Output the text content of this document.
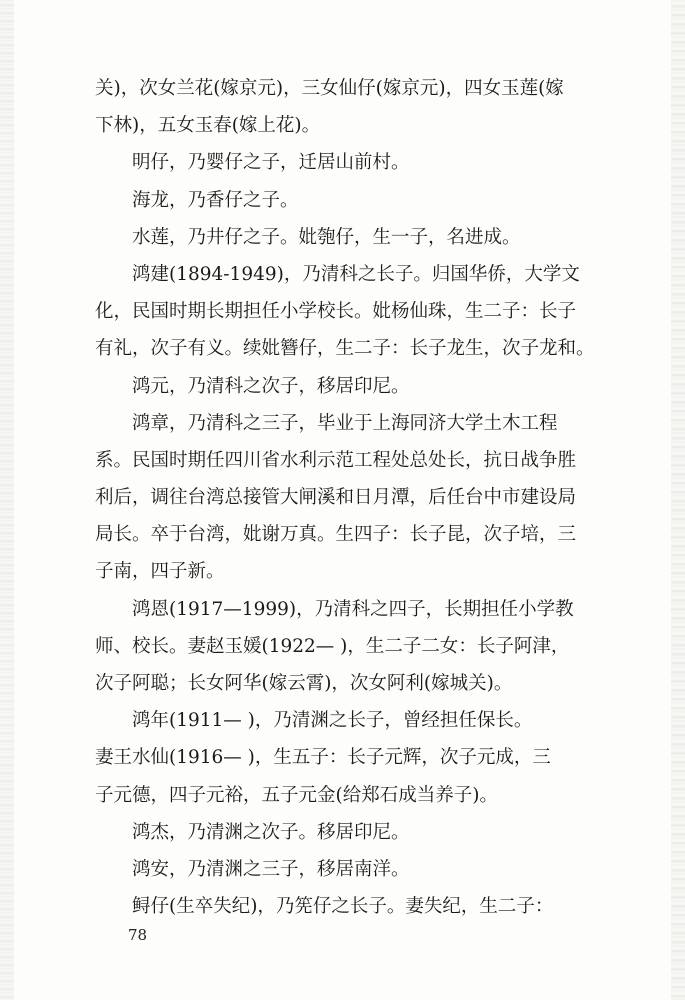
关)，次女兰花(嫁京元)，三女仙仔(嫁京元)，四女玉莲(嫁
下林)，五女玉春(嫁上花)。
明仔，乃婴仔之子，迁居山前村。
海龙，乃香仔之子。
水莲，乃井仔之子。妣匏仔，生一子，名进成。
鸿建(1894-1949)，乃清科之长子。归国华侨，大学文
化，民国时期长期担任小学校长。妣杨仙珠，生二子：长子
有礼，次子有义。续妣簪仔，生二子：长子龙生，次子龙和。
鸿元，乃清科之次子，移居印尼。
鸿章，乃清科之三子，毕业于上海同济大学土木工程
系。民国时期任四川省水利示范工程处总处长，抗日战争胜
利后，调往台湾总接管大闸溪和日月潭，后任台中市建设局
局长。卒于台湾，妣谢万真。生四子：长子昆，次子培，三
子南，四子新。
鸿恩(1917—1999)，乃清科之四子，长期担任小学教
师、校长。妻赵玉媛(1922— )，生二子二女：长子阿津，
次子阿聪；长女阿华(嫁云霄)，次女阿利(嫁城关)。
鸿年(1911— )，乃清渊之长子，曾经担任保长。
妻王水仙(1916— )，生五子：长子元辉，次子元成，三
子元德，四子元裕，五子元金(给郑石成当养子)。
鸿杰，乃清渊之次子。移居印尼。
鸿安，乃清渊之三子，移居南洋。
鲟仔(生卒失纪)，乃筅仔之长子。妻失纪，生二子：
78
